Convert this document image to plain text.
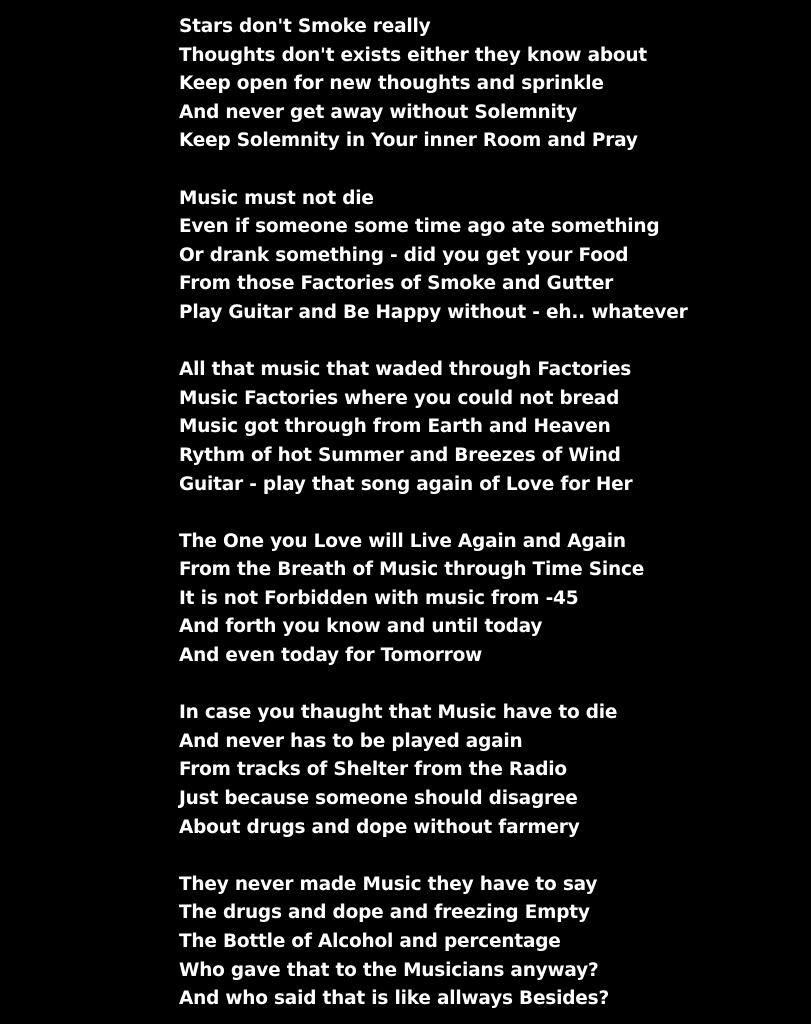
Stars don't Smoke really
Thoughts don't exists either they know about
Keep open for new thoughts and sprinkle
And never get away without Solemnity
Keep Solemnity in Your inner Room and Pray
Music must not die
Even if someone some time ago ate something
Or drank something - did you get your Food
From those Factories of Smoke and Gutter
Play Guitar and Be Happy without - eh.. whatever
All that music that waded through Factories
Music Factories where you could not bread
Music got through from Earth and Heaven
Rythm of hot Summer and Breezes of Wind
Guitar - play that song again of Love for Her
The One you Love will Live Again and Again
From the Breath of Music through Time Since
It is not Forbidden with music from -45
And forth you know and until today
And even today for Tomorrow
In case you thaught that Music have to die
And never has to be played again
From tracks of Shelter from the Radio
Just because someone should disagree
About drugs and dope without farmery
They never made Music they have to say
The drugs and dope and freezing Empty
The Bottle of Alcohol and percentage
Who gave that to the Musicians anyway?
And who said that is like allways Besides?
